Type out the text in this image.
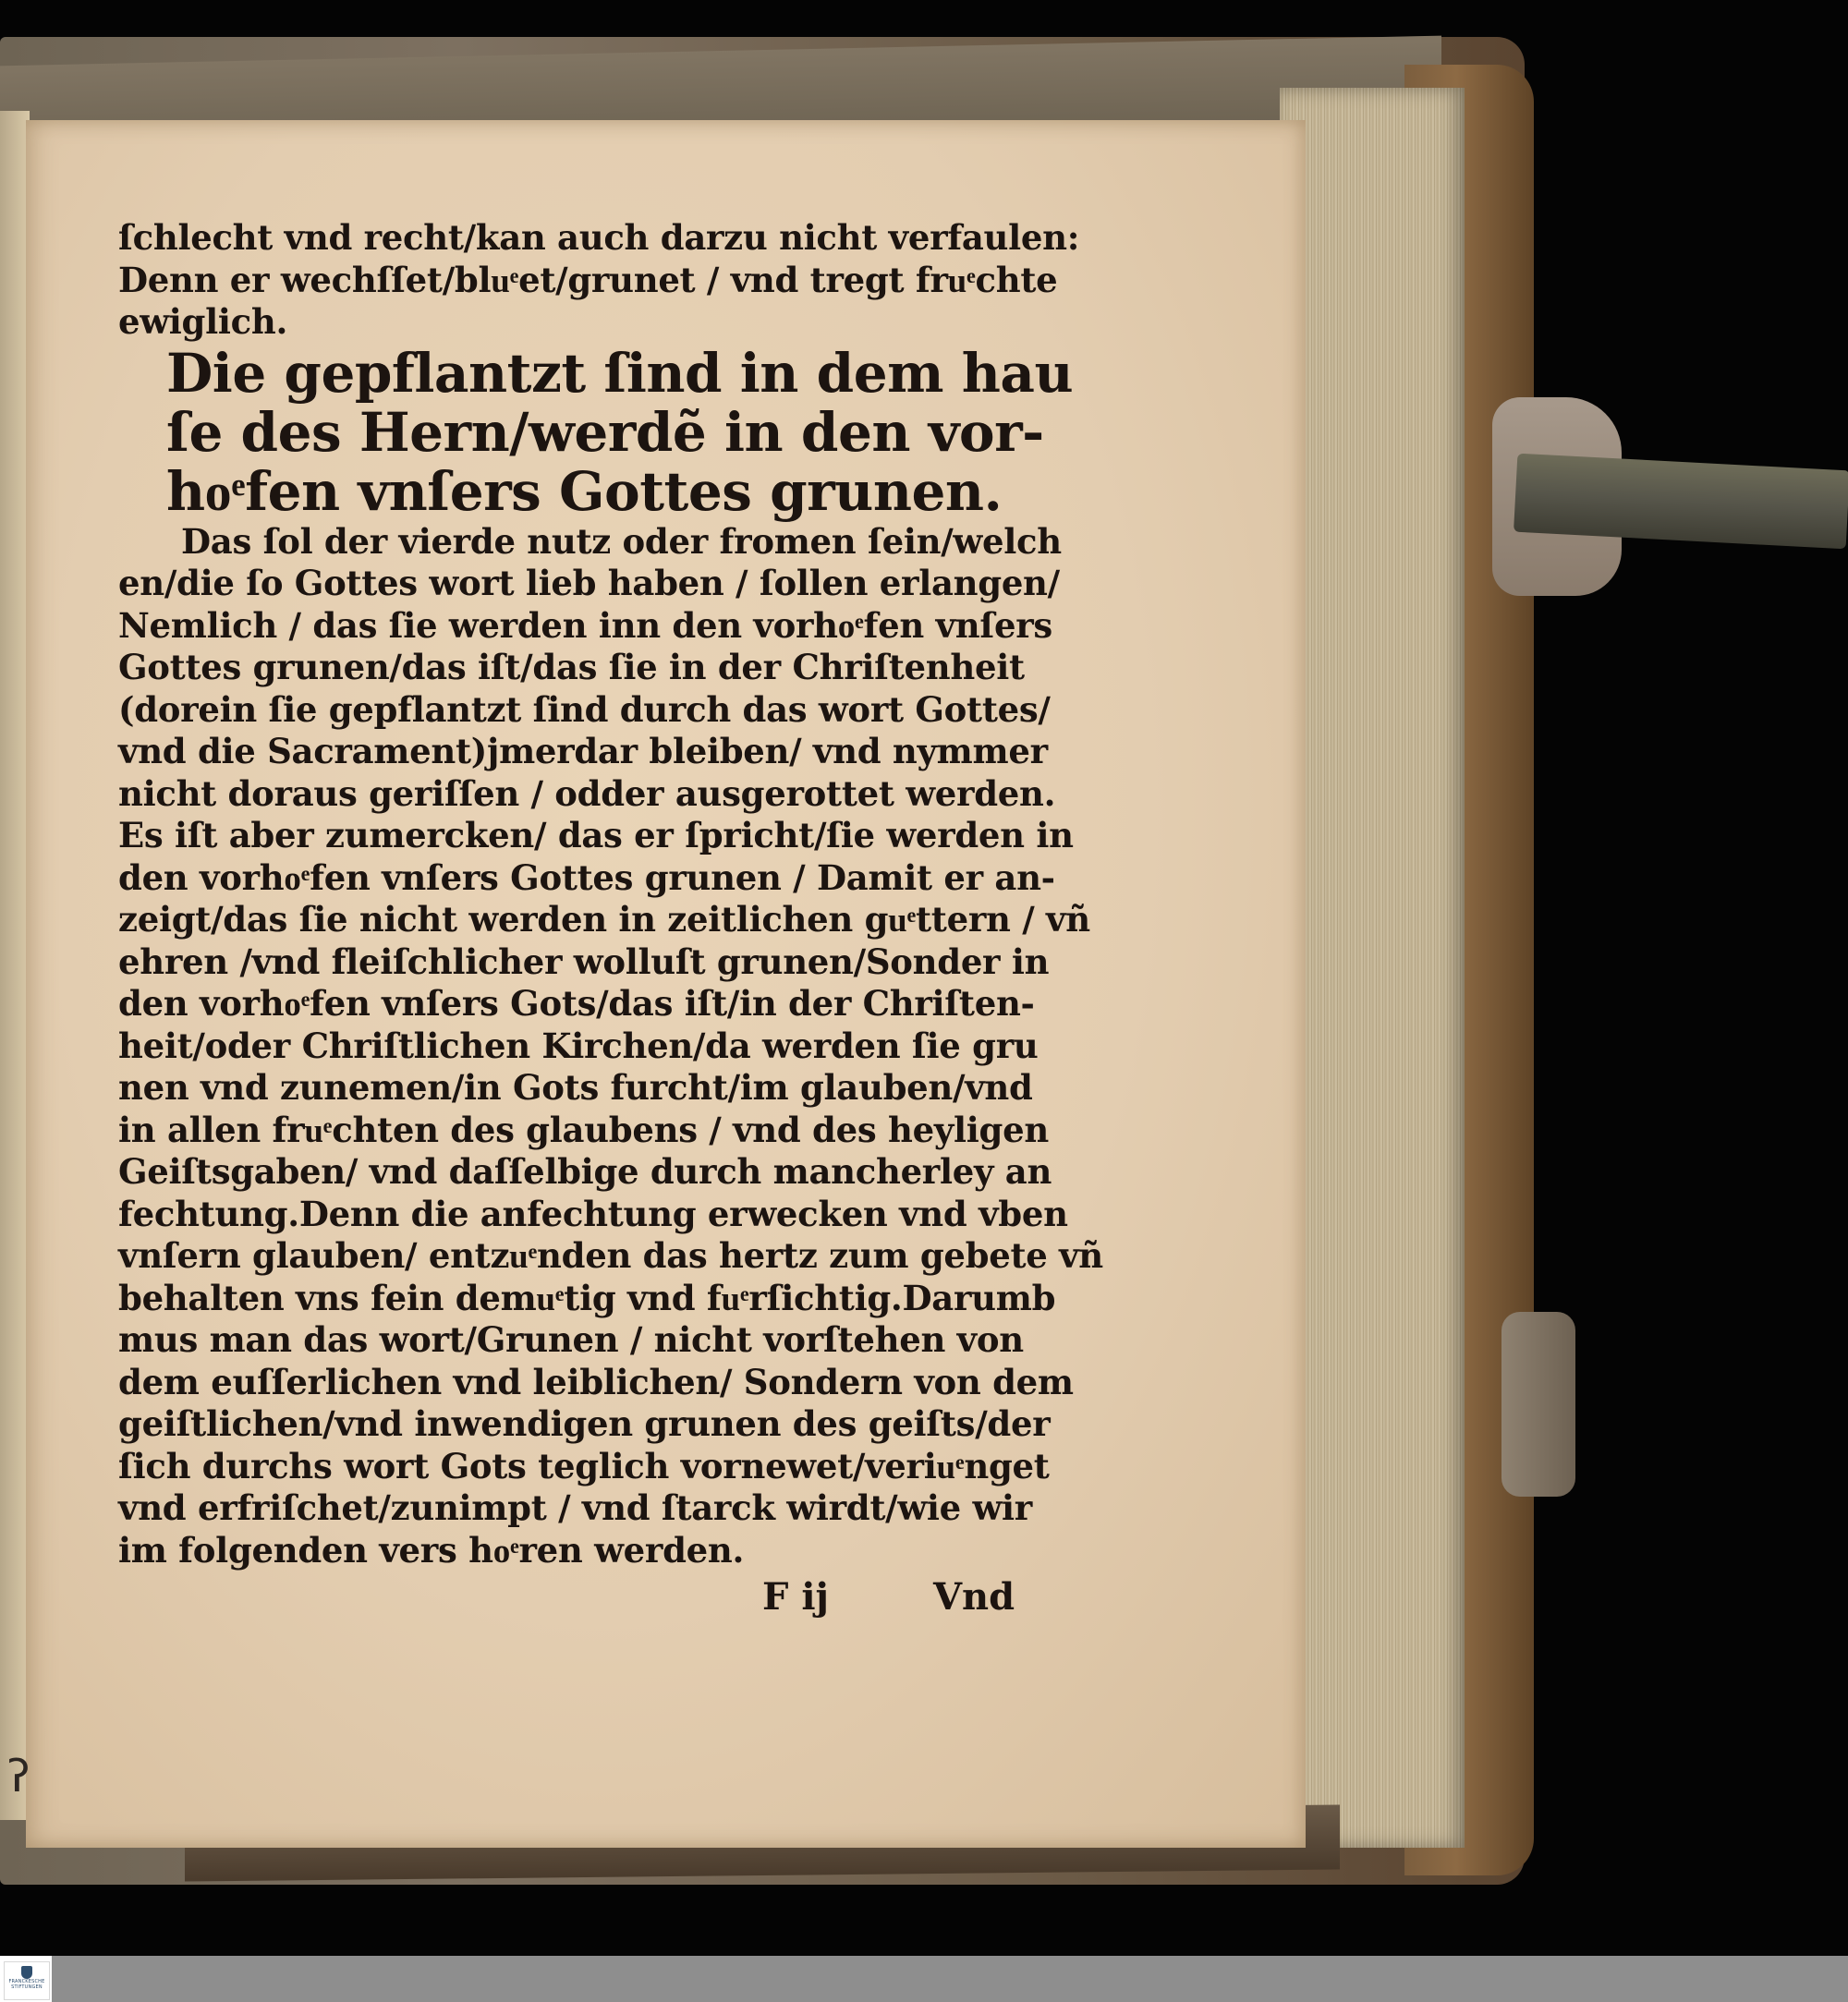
ſchlecht vnd recht/kan auch darzu nicht verfaulen:
Denn er wechſſet/bluͤet/grunet / vnd tregt fruͤchte
ewiglich.
Die gepflantzt ſind in dem hau
ſe des Hern/werdẽ in den vor-
hoͤfen vnſers Gottes grunen.
Das ſol der vierde nutz oder fromen ſein/welch
en/die ſo Gottes wort lieb haben / ſollen erlangen/
Nemlich / das ſie werden inn den vorhoͤfen vnſers
Gottes grunen/das iſt/das ſie in der Chriſtenheit
(dorein ſie gepflantzt ſind durch das wort Gottes/
vnd die Sacrament)jmerdar bleiben/ vnd nymmer
nicht doraus geriſſen / odder ausgerottet werden.
Es iſt aber zumercken/ das er ſpricht/ſie werden in
den vorhoͤfen vnſers Gottes grunen / Damit er an-
zeigt/das ſie nicht werden in zeitlichen guͤttern / vñ
ehren /vnd fleiſchlicher wolluſt grunen/Sonder in
den vorhoͤfen vnſers Gots/das iſt/in der Chriſten-
heit/oder Chriſtlichen Kirchen/da werden ſie gru
nen vnd zunemen/in Gots furcht/im glauben/vnd
in allen fruͤchten des glaubens / vnd des heyligen
Geiſtsgaben/ vnd daſſelbige durch mancherley an
fechtung.Denn die anfechtung erwecken vnd vben
vnſern glauben/ entzuͤnden das hertz zum gebete vñ
behalten vns fein demuͤtig vnd fuͤrſichtig.Darumb
mus man das wort/Grunen / nicht vorſtehen von
dem euſſerlichen vnd leiblichen/ Sondern von dem
geiſtlichen/vnd inwendigen grunen des geiſts/der
ſich durchs wort Gots teglich vornewet/veriuͤnget
vnd erfriſchet/zunimpt / vnd ſtarck wirdt/wie wir
im folgenden vers hoͤren werden.
F ij	Vnd
ʔ
FRANCKESCHE
STIFTUNGEN
